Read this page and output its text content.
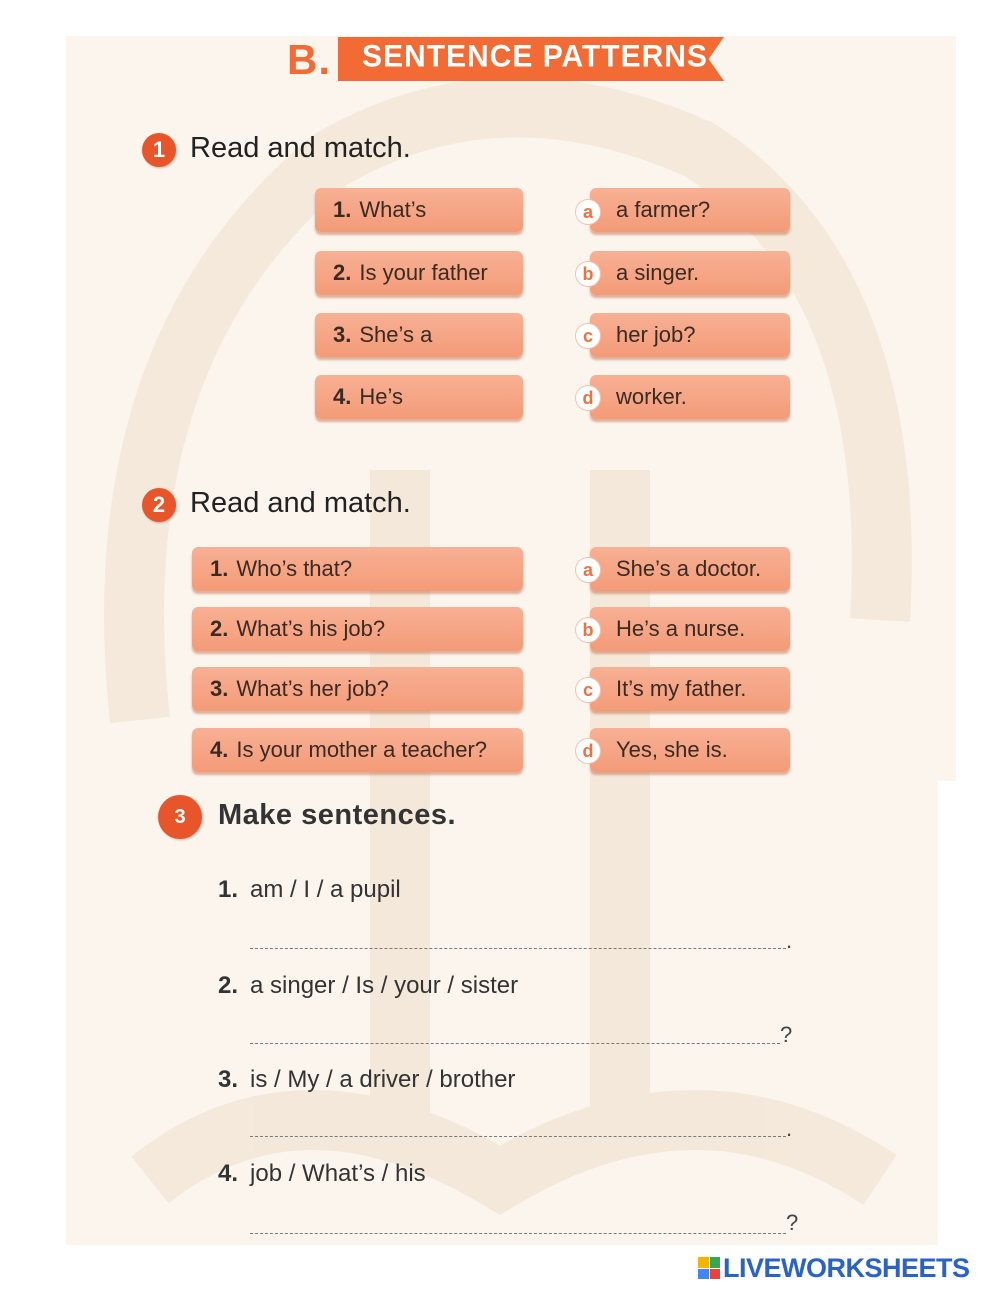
B. SENTENCE PATTERNS
1 Read and match.
1. What’s
2. Is your father
3. She’s a
4. He’s
a farmer?
a singer.
her job?
worker.
a
b
c
d
2 Read and match.
1. Who’s that?
2. What’s his job?
3. What’s her job?
4. Is your mother a teacher?
She’s a doctor.
He’s a nurse.
It’s my father.
Yes, she is.
a
b
c
d
3	Make sentences.
1. am / I / a pupil
.
2. a singer / Is / your / sister
?
3. is / My / a driver / brother
.
4. job / What’s / his
?
LIVEWORKSHEETS
